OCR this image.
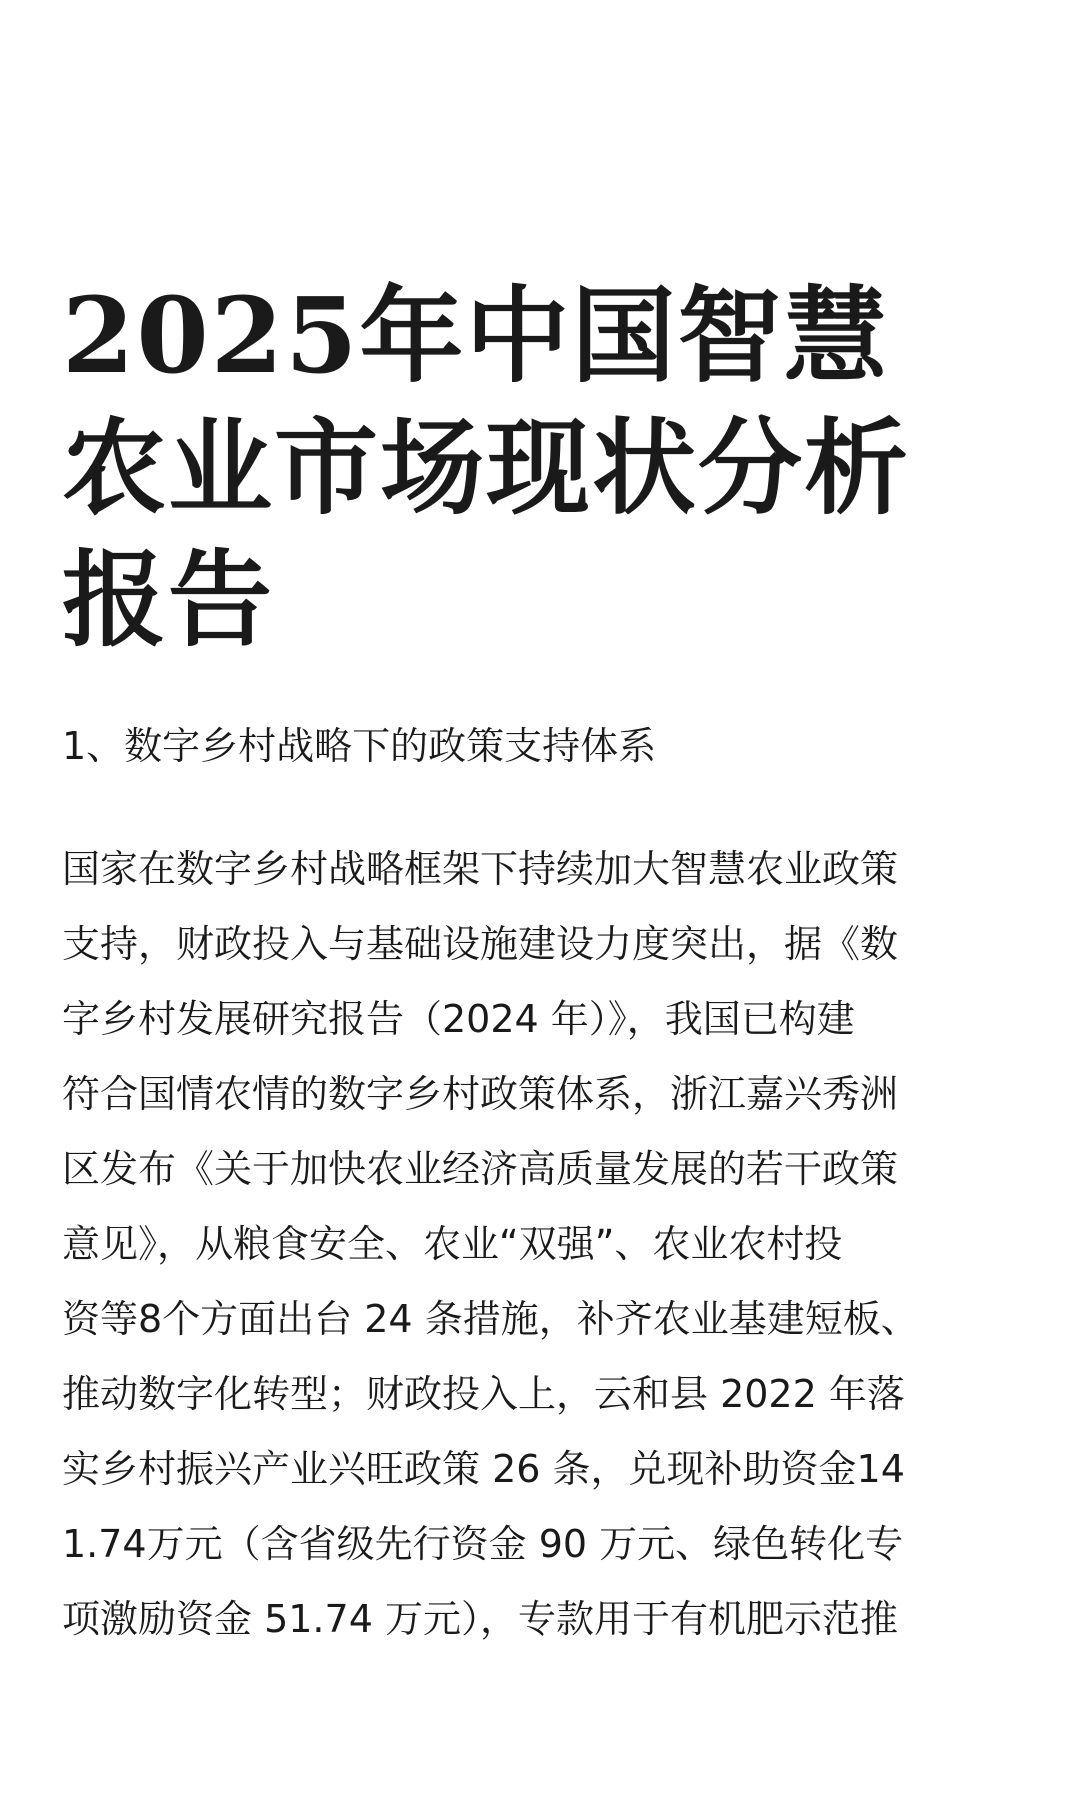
2025年中国智慧
农业市场现状分析
报告
1、数字乡村战略下的政策支持体系
国家在数字乡村战略框架下持续加大智慧农业政策
支持，财政投入与基础设施建设力度突出，据《数
字乡村发展研究报告（2024 年）》，我国已构建
符合国情农情的数字乡村政策体系，浙江嘉兴秀洲
区发布《关于加快农业经济高质量发展的若干政策
意见》，从粮食安全、农业“双强”、农业农村投
资等8个方面出台 24 条措施，补齐农业基建短板、
推动数字化转型；财政投入上，云和县 2022 年落
实乡村振兴产业兴旺政策 26 条，兑现补助资金14
1.74万元（含省级先行资金 90 万元、绿色转化专
项激励资金 51.74 万元），专款用于有机肥示范推
